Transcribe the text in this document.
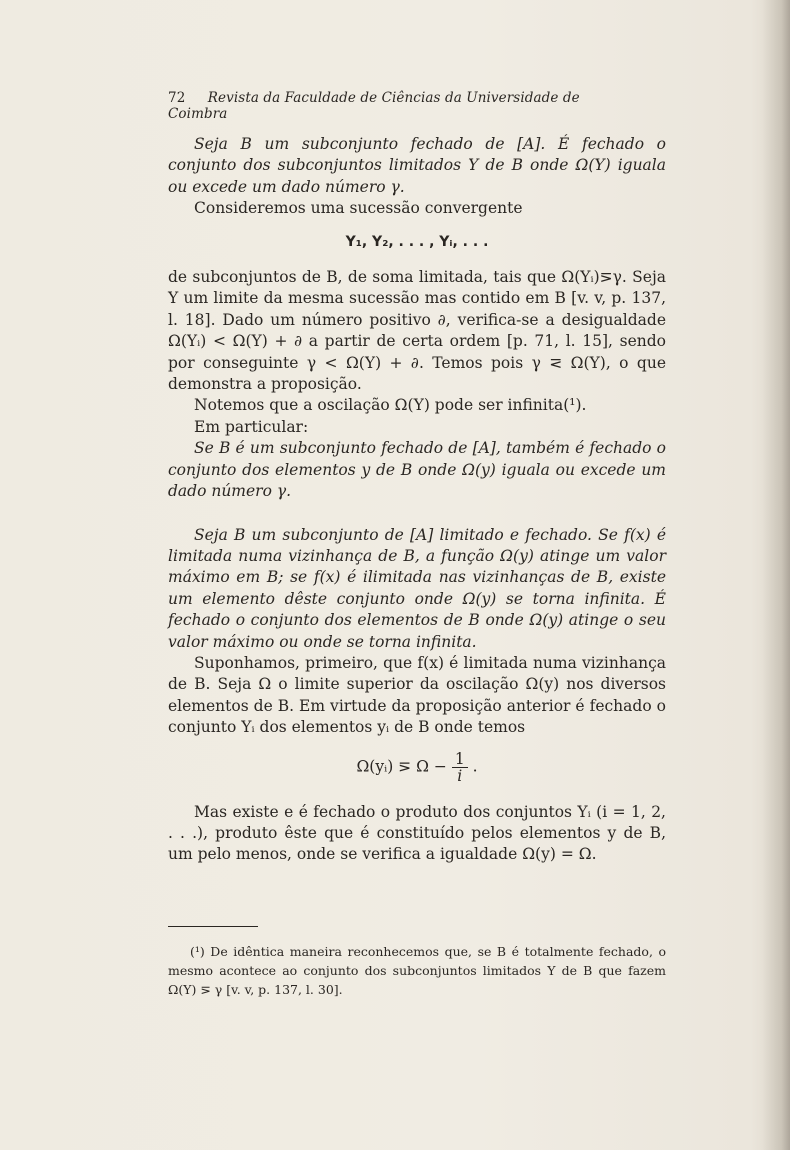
72 Revista da Faculdade de Ciências da Universidade de Coimbra

Seja B um subconjunto fechado de [A]. É fechado o conjunto dos subconjuntos limitados Y de B onde Ω(Y) iguala ou excede um dado número γ.

Consideremos uma sucessão convergente

Y₁, Y₂, . . . , Yᵢ, . . .

de subconjuntos de B, de soma limitada, tais que Ω(Yᵢ)⋝γ. Seja Y um limite da mesma sucessão mas contido em B [v. v, p. 137, l. 18]. Dado um número positivo ∂, verifica-se a desigualdade Ω(Yᵢ) < Ω(Y) + ∂ a partir de certa ordem [p. 71, l. 15], sendo por conseguinte γ < Ω(Y) + ∂. Temos pois γ ⋜ Ω(Y), o que demonstra a proposição.

Notemos que a oscilação Ω(Y) pode ser infinita(¹).

Em particular:

Se B é um subconjunto fechado de [A], também é fechado o conjunto dos elementos y de B onde Ω(y) iguala ou excede um dado número γ.

Seja B um subconjunto de [A] limitado e fechado. Se f(x) é limitada numa vizinhança de B, a função Ω(y) atinge um valor máximo em B; se f(x) é ilimitada nas vizinhanças de B, existe um elemento dêste conjunto onde Ω(y) se torna infinita. É fechado o conjunto dos elementos de B onde Ω(y) atinge o seu valor máximo ou onde se torna infinita.

Suponhamos, primeiro, que f(x) é limitada numa vizinhança de B. Seja Ω o limite superior da oscilação Ω(y) nos diversos elementos de B. Em virtude da proposição anterior é fechado o conjunto Yᵢ dos elementos yᵢ de B onde temos

Ω(yᵢ) ⋝ $\Omega - \frac{1}{i}$ .

Mas existe e é fechado o produto dos conjuntos Yᵢ (i = 1, 2, . . .), produto êste que é constituído pelos elementos y de B, um pelo menos, onde se verifica a igualdade Ω(y) = Ω.

(¹) De idêntica maneira reconhecemos que, se B é totalmente fechado, o mesmo acontece ao conjunto dos subconjuntos limitados Y de B que fazem Ω(Y) ⋝ γ [v. v, p. 137, l. 30].
